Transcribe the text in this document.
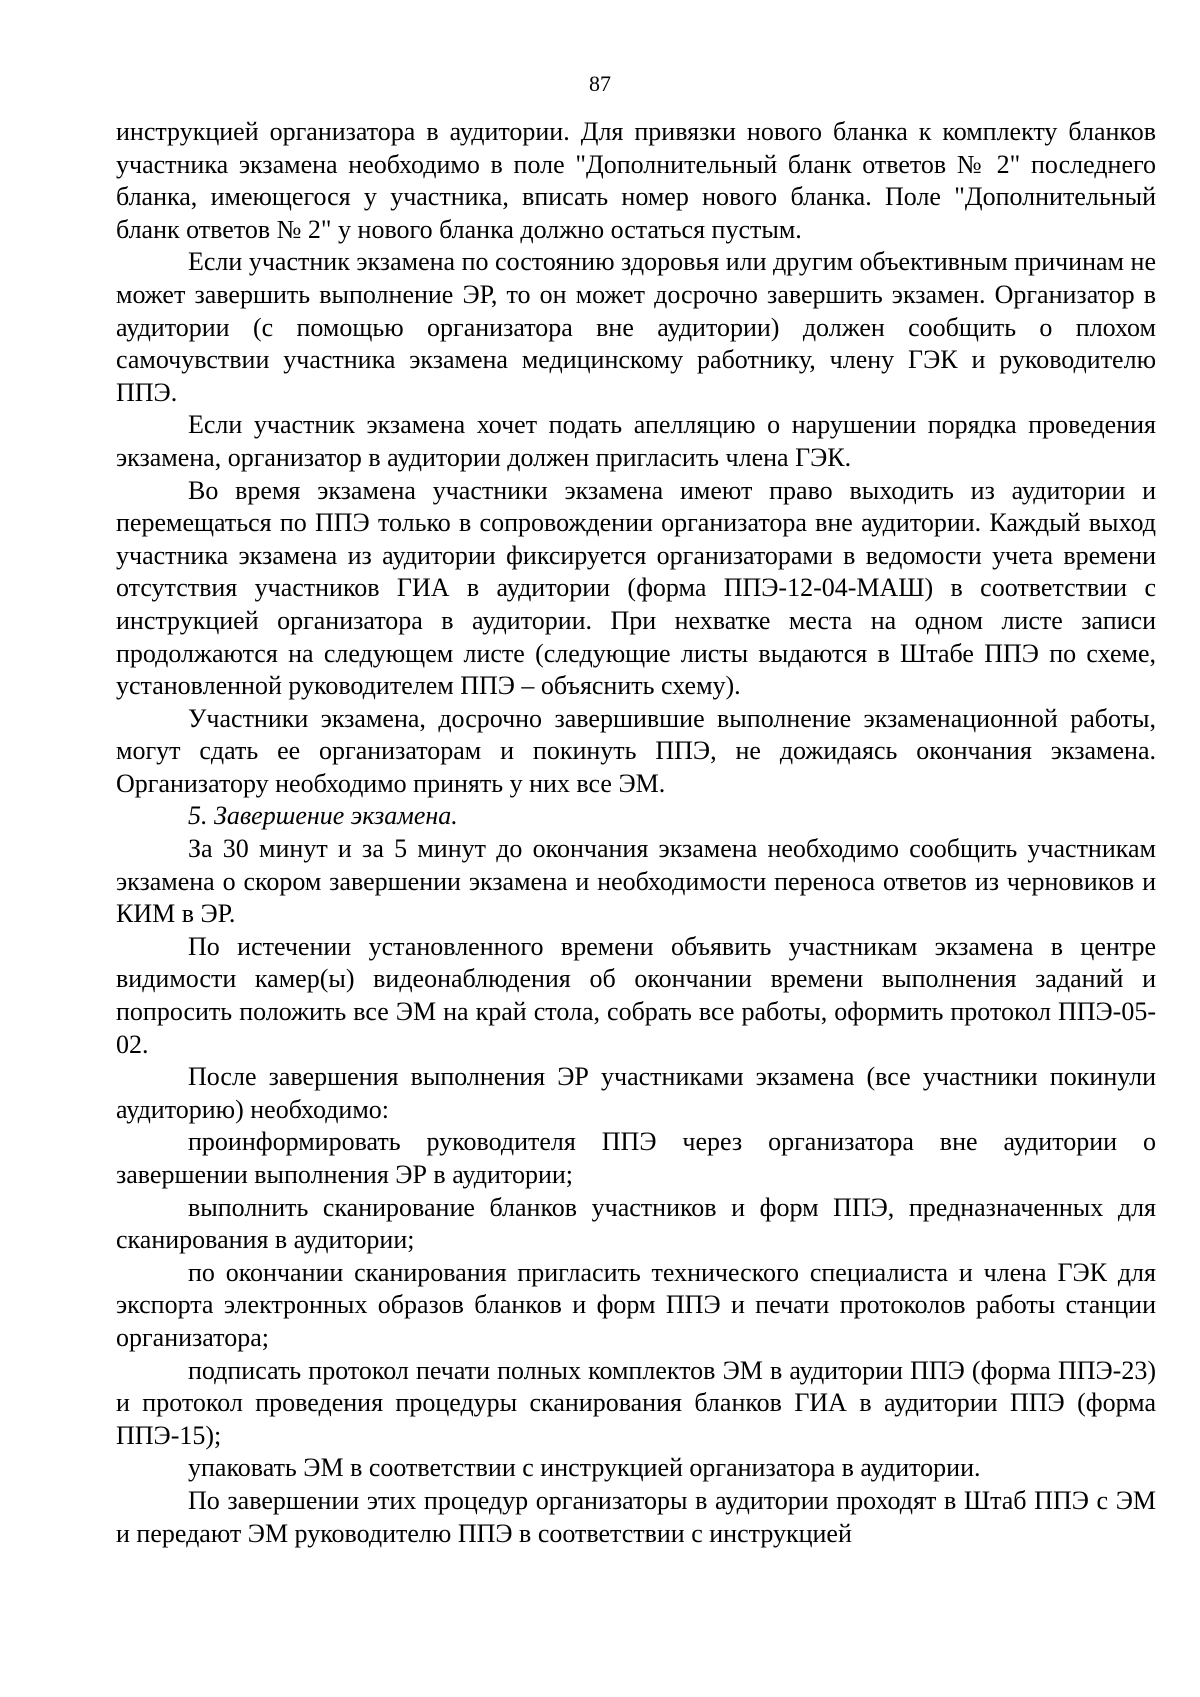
87

инструкцией организатора в аудитории. Для привязки нового бланка к комплекту бланков участника экзамена необходимо в поле "Дополнительный бланк ответов № 2" последнего бланка, имеющегося у участника, вписать номер нового бланка. Поле "Дополнительный бланк ответов № 2" у нового бланка должно остаться пустым.

Если участник экзамена по состоянию здоровья или другим объективным причинам не может завершить выполнение ЭР, то он может досрочно завершить экзамен. Организатор в аудитории (с помощью организатора вне аудитории) должен сообщить о плохом самочувствии участника экзамена медицинскому работнику, члену ГЭК и руководителю ППЭ.

Если участник экзамена хочет подать апелляцию о нарушении порядка проведения экзамена, организатор в аудитории должен пригласить члена ГЭК.

Во время экзамена участники экзамена имеют право выходить из аудитории и перемещаться по ППЭ только в сопровождении организатора вне аудитории. Каждый выход участника экзамена из аудитории фиксируется организаторами в ведомости учета времени отсутствия участников ГИА в аудитории (форма ППЭ-12-04-МАШ) в соответствии с инструкцией организатора в аудитории. При нехватке места на одном листе записи продолжаются на следующем листе (следующие листы выдаются в Штабе ППЭ по схеме, установленной руководителем ППЭ – объяснить схему).

Участники экзамена, досрочно завершившие выполнение экзаменационной работы, могут сдать ее организаторам и покинуть ППЭ, не дожидаясь окончания экзамена. Организатору необходимо принять у них все ЭМ.

5. Завершение экзамена.

За 30 минут и за 5 минут до окончания экзамена необходимо сообщить участникам экзамена о скором завершении экзамена и необходимости переноса ответов из черновиков и КИМ в ЭР.

По истечении установленного времени объявить участникам экзамена в центре видимости камер(ы) видеонаблюдения об окончании времени выполнения заданий и попросить положить все ЭМ на край стола, собрать все работы, оформить протокол ППЭ-05-02.

После завершения выполнения ЭР участниками экзамена (все участники покинули аудиторию) необходимо:

проинформировать руководителя ППЭ через организатора вне аудитории о завершении выполнения ЭР в аудитории;

выполнить сканирование бланков участников и форм ППЭ, предназначенных для сканирования в аудитории;

по окончании сканирования пригласить технического специалиста и члена ГЭК для экспорта электронных образов бланков и форм ППЭ и печати протоколов работы станции организатора;

подписать протокол печати полных комплектов ЭМ в аудитории ППЭ (форма ППЭ-23) и протокол проведения процедуры сканирования бланков ГИА в аудитории ППЭ (форма ППЭ-15);

упаковать ЭМ в соответствии с инструкцией организатора в аудитории.

По завершении этих процедур организаторы в аудитории проходят в Штаб ППЭ с ЭМ и передают ЭМ руководителю ППЭ в соответствии с инструкцией
